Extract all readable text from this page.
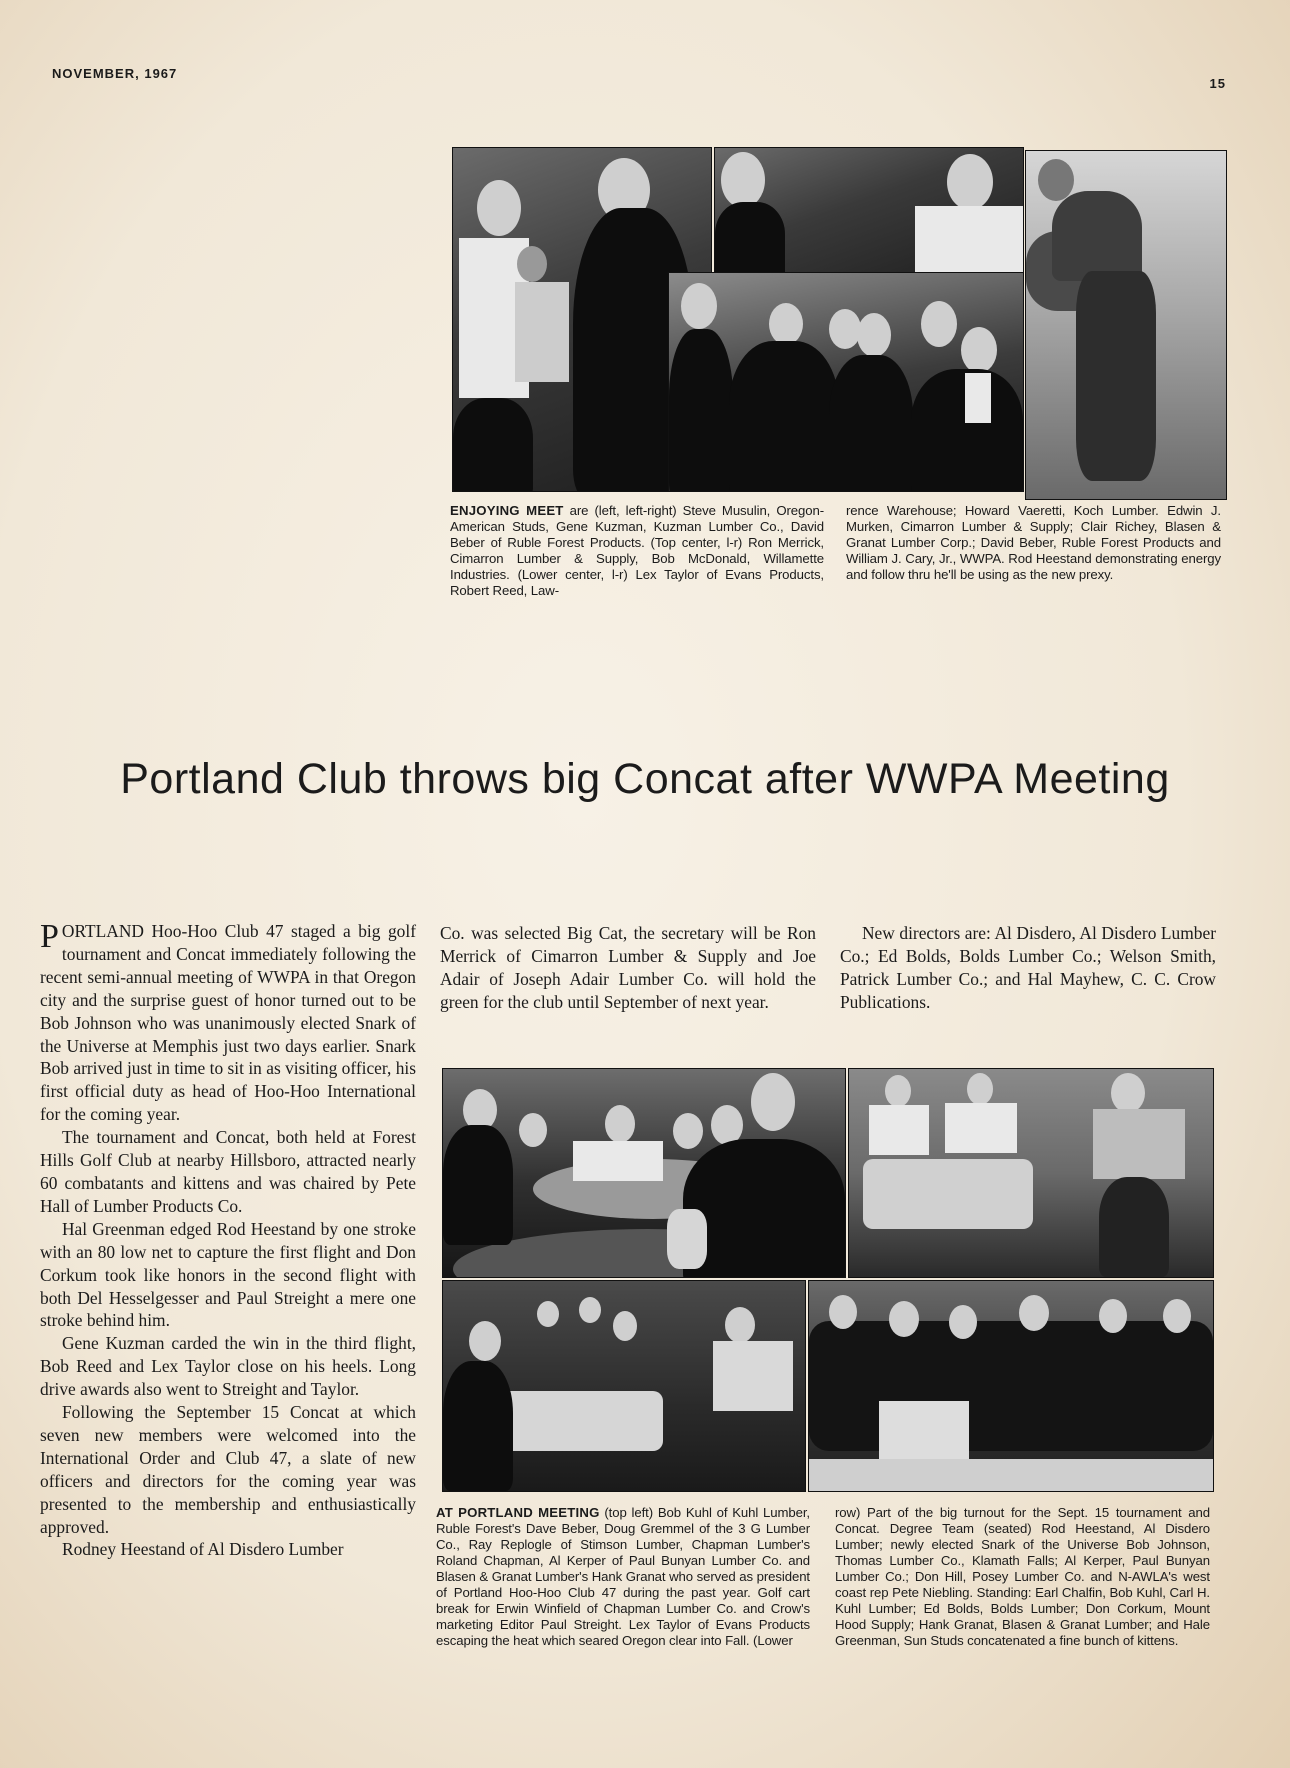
NOVEMBER, 1967
15
ENJOYING MEET are (left, left-right) Steve Musulin, Oregon-American Studs, Gene Kuzman, Kuzman Lumber Co., David Beber of Ruble Forest Products. (Top center, l-r) Ron Merrick, Cimarron Lumber & Supply, Bob McDonald, Willamette Industries. (Lower center, l-r) Lex Taylor of Evans Products, Robert Reed, Law-
rence Warehouse; Howard Vaeretti, Koch Lumber. Edwin J. Murken, Cimarron Lumber & Supply; Clair Richey, Blasen & Granat Lumber Corp.; David Beber, Ruble Forest Products and William J. Cary, Jr., WWPA. Rod Heestand demonstrating energy and follow thru he'll be using as the new prexy.
Portland Club throws big Concat after WWPA Meeting

PORTLAND Hoo-Hoo Club 47 staged a big golf tournament and Concat immediately following the recent semi-annual meeting of WWPA in that Oregon city and the surprise guest of honor turned out to be Bob Johnson who was unanimously elected Snark of the Universe at Memphis just two days earlier. Snark Bob arrived just in time to sit in as visiting officer, his first official duty as head of Hoo-Hoo International for the coming year.

The tournament and Concat, both held at Forest Hills Golf Club at nearby Hillsboro, attracted nearly 60 combatants and kittens and was chaired by Pete Hall of Lumber Products Co.

Hal Greenman edged Rod Heestand by one stroke with an 80 low net to capture the first flight and Don Corkum took like honors in the second flight with both Del Hesselgesser and Paul Streight a mere one stroke behind him.

Gene Kuzman carded the win in the third flight, Bob Reed and Lex Taylor close on his heels. Long drive awards also went to Streight and Taylor.

Following the September 15 Concat at which seven new members were welcomed into the International Order and Club 47, a slate of new officers and directors for the coming year was presented to the membership and enthusiastically approved.

Rodney Heestand of Al Disdero Lumber

Co. was selected Big Cat, the secretary will be Ron Merrick of Cimarron Lumber & Supply and Joe Adair of Joseph Adair Lumber Co. will hold the green for the club until September of next year.

New directors are: Al Disdero, Al Disdero Lumber Co.; Ed Bolds, Bolds Lumber Co.; Welson Smith, Patrick Lumber Co.; and Hal Mayhew, C. C. Crow Publications.

AT PORTLAND MEETING (top left) Bob Kuhl of Kuhl Lumber, Ruble Forest's Dave Beber, Doug Gremmel of the 3 G Lumber Co., Ray Replogle of Stimson Lumber, Chapman Lumber's Roland Chapman, Al Kerper of Paul Bunyan Lumber Co. and Blasen & Granat Lumber's Hank Granat who served as president of Portland Hoo-Hoo Club 47 during the past year. Golf cart break for Erwin Winfield of Chapman Lumber Co. and Crow's marketing Editor Paul Streight. Lex Taylor of Evans Products escaping the heat which seared Oregon clear into Fall. (Lower
row) Part of the big turnout for the Sept. 15 tournament and Concat. Degree Team (seated) Rod Heestand, Al Disdero Lumber; newly elected Snark of the Universe Bob Johnson, Thomas Lumber Co., Klamath Falls; Al Kerper, Paul Bunyan Lumber Co.; Don Hill, Posey Lumber Co. and N-AWLA's west coast rep Pete Niebling. Standing: Earl Chalfin, Bob Kuhl, Carl H. Kuhl Lumber; Ed Bolds, Bolds Lumber; Don Corkum, Mount Hood Supply; Hank Granat, Blasen & Granat Lumber; and Hale Greenman, Sun Studs concatenated a fine bunch of kittens.
